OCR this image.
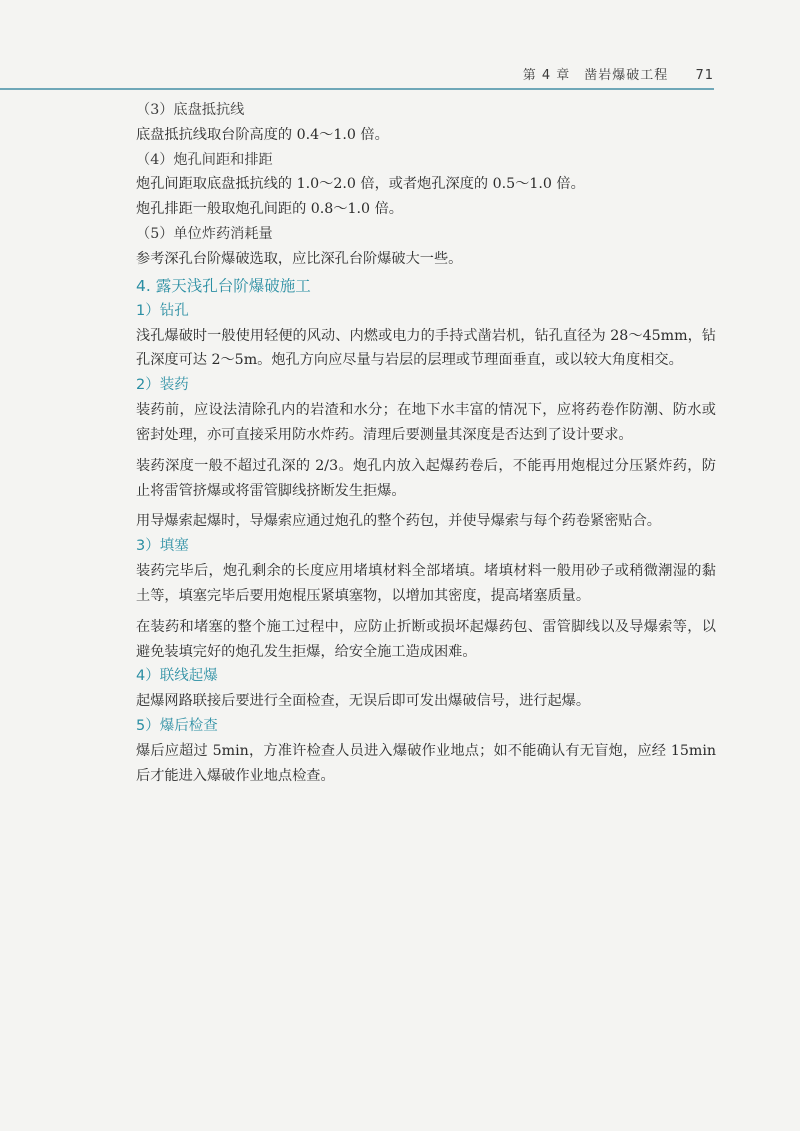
第 4 章　凿岩爆破工程 71
（3）底盘抵抗线
底盘抵抗线取台阶高度的 0.4～1.0 倍。
（4）炮孔间距和排距
炮孔间距取底盘抵抗线的 1.0～2.0 倍，或者炮孔深度的 0.5～1.0 倍。
炮孔排距一般取炮孔间距的 0.8～1.0 倍。
（5）单位炸药消耗量
参考深孔台阶爆破选取，应比深孔台阶爆破大一些。
4. 露天浅孔台阶爆破施工
1）钻孔

浅孔爆破时一般使用轻便的风动、内燃或电力的手持式凿岩机，钻孔直径为 28～45mm，钻孔深度可达 2～5m。炮孔方向应尽量与岩层的层理或节理面垂直，或以较大角度相交。

2）装药

装药前，应设法清除孔内的岩渣和水分；在地下水丰富的情况下，应将药卷作防潮、防水或密封处理，亦可直接采用防水炸药。清理后要测量其深度是否达到了设计要求。

装药深度一般不超过孔深的 2/3。炮孔内放入起爆药卷后，不能再用炮棍过分压紧炸药，防止将雷管挤爆或将雷管脚线挤断发生拒爆。

用导爆索起爆时，导爆索应通过炮孔的整个药包，并使导爆索与每个药卷紧密贴合。

3）填塞

装药完毕后，炮孔剩余的长度应用堵填材料全部堵填。堵填材料一般用砂子或稍微潮湿的黏土等，填塞完毕后要用炮棍压紧填塞物，以增加其密度，提高堵塞质量。

在装药和堵塞的整个施工过程中，应防止折断或损坏起爆药包、雷管脚线以及导爆索等，以避免装填完好的炮孔发生拒爆，给安全施工造成困难。

4）联线起爆

起爆网路联接后要进行全面检查，无误后即可发出爆破信号，进行起爆。

5）爆后检查

爆后应超过 5min，方准许检查人员进入爆破作业地点；如不能确认有无盲炮，应经 15min 后才能进入爆破作业地点检查。
